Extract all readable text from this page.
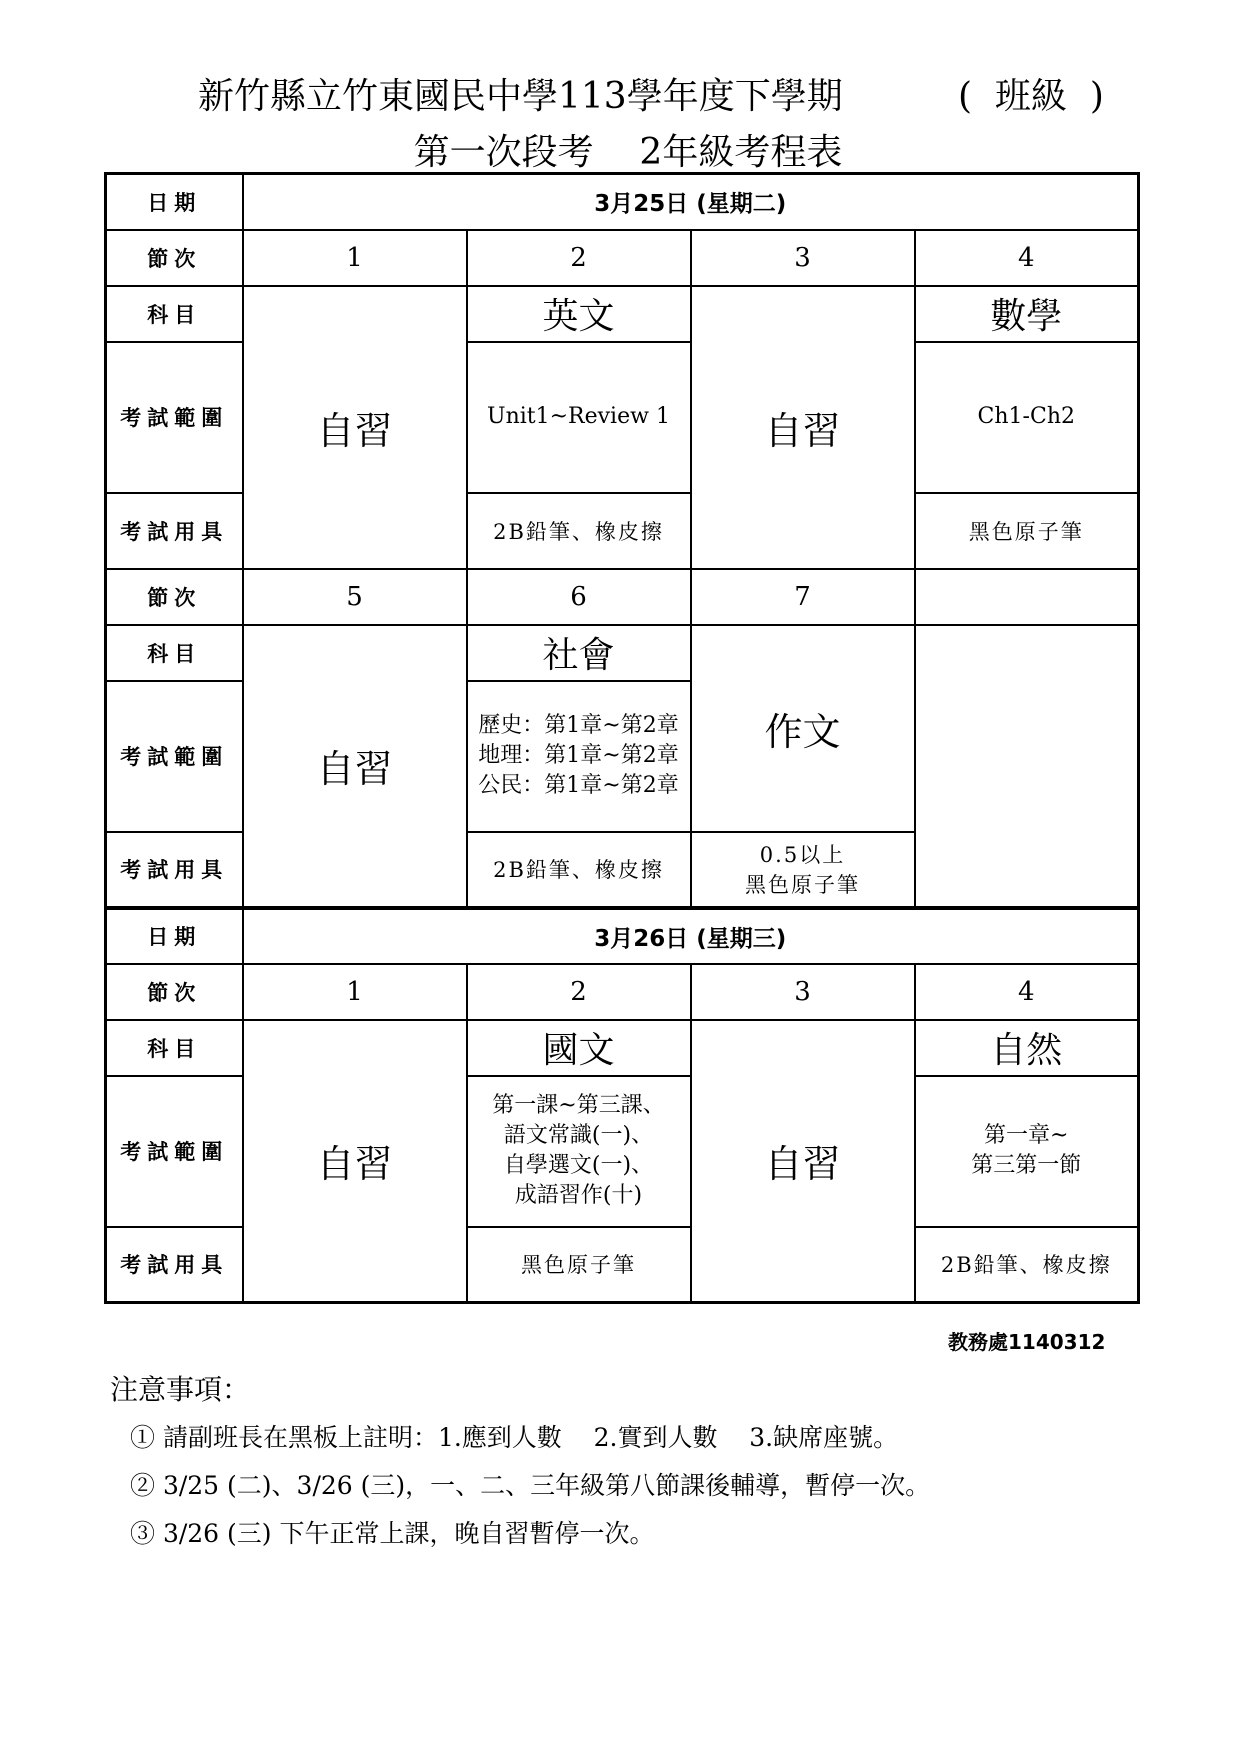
新竹縣立竹東國民中學113學年度下學期	(  班級  )
第一次段考    2年級考程表
日期	3月25日 (星期二)			
節次	1	2	3	4
科目	自習	英文	自習	數學
考試範圍		Unit1~Review 1		Ch1-Ch2
考試用具		2B鉛筆、橡皮擦		黑色原子筆
節次	5	6	7	
科目	自習	社會	作文	
考試範圍		歷史：第1章~第2章
地理：第1章~第2章
公民：第1章~第2章		

考試用具		2B鉛筆、橡皮擦	0.5以上
黑色原子筆	

日期	3月26日 (星期三)			
節次	1	2	3	4
科目	自習	國文	自習	自然
考試範圍		第一課~第三課、
語文常識(一)、
自學選文(一)、
成語習作(十)		第一章~
第三第一節

考試用具		黑色原子筆		2B鉛筆、橡皮擦
教務處1140312
注意事項：
① 請副班長在黑板上註明：1.應到人數    2.實到人數    3.缺席座號。
② 3/25 (二)、3/26 (三)，一、二、三年級第八節課後輔導，暫停一次。
③ 3/26 (三) 下午正常上課，晚自習暫停一次。
